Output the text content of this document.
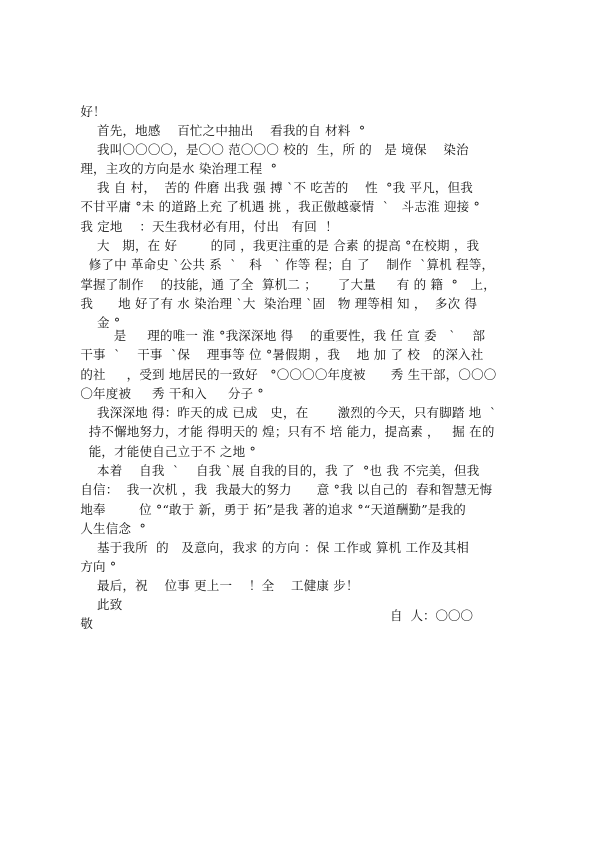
好！
首先，地感    百忙之中抽出    看我的自 材料  °
我叫〇〇〇〇，是〇〇 范〇〇〇 校的  生，所 的   是 境保    染治
理，主攻的方向是水 染治理工程  °
我 自 村，  苦的 件磨 出我 强 搏 ˋ不 吃苦的    性  °我 平凡，但我
不甘平庸 °未 的道路上充 了机遇 挑 ，我正傲越豪情  ˋ   斗志淮 迎接 °
我 定地    ：天生我材必有用，付出   有回  ！
大   期，在 好        的同 ，我更注重的是 合素 的提高 °在校期 ，我
修了中 革命史 ˋ公共 系  ˋ   科   ˋ 作等 程；自 了    制作  ˋ算机 程等，
掌握了制作    的技能，通 了全  算机二 ；     了大量     有 的 籍  °   上，
我      地 好了有 水 染治理 ˋ大  染治理 ˋ固   物 理等相 知 ，  多次 得
金 °
是     理的唯一 淮 °我深深地 得    的重要性，我 任 宣 委   ˋ    部
干事  ˋ    干事  ˋ保    理事等 位 °暑假期 ，我    地 加 了 校   的深入社
的社     ，受到 地居民的一致好   °〇〇〇〇年度被      秀 生干部，〇〇〇
〇年度被     秀 干和入     分子 °
我深深地 得：昨天的成 已成   史，在       激烈的今天，只有脚踏 地  ˋ
持不懈地努力，才能 得明天的 煌；只有不 培 能力，提高素 ，   掘 在的
能，才能使自己立于不 之地 °
本着    自我  ˋ    自我 ˋ展 自我的目的，我 了  °也 我 不完美，但我
自信：  我一次机 ，我  我最大的努力      意 °我 以自己的  春和智慧无悔
地奉        位 °“敢于 新，勇于 拓”是我 著的追求 °“天道酬勤”是我的
人生信念  °
基于我所  的   及意向，我求 的方向 ：保 工作或 算机 工作及其相
方向 °
最后，祝    位事 更上一    ！全    工健康 步！
此致
敬
自  人：〇〇〇
